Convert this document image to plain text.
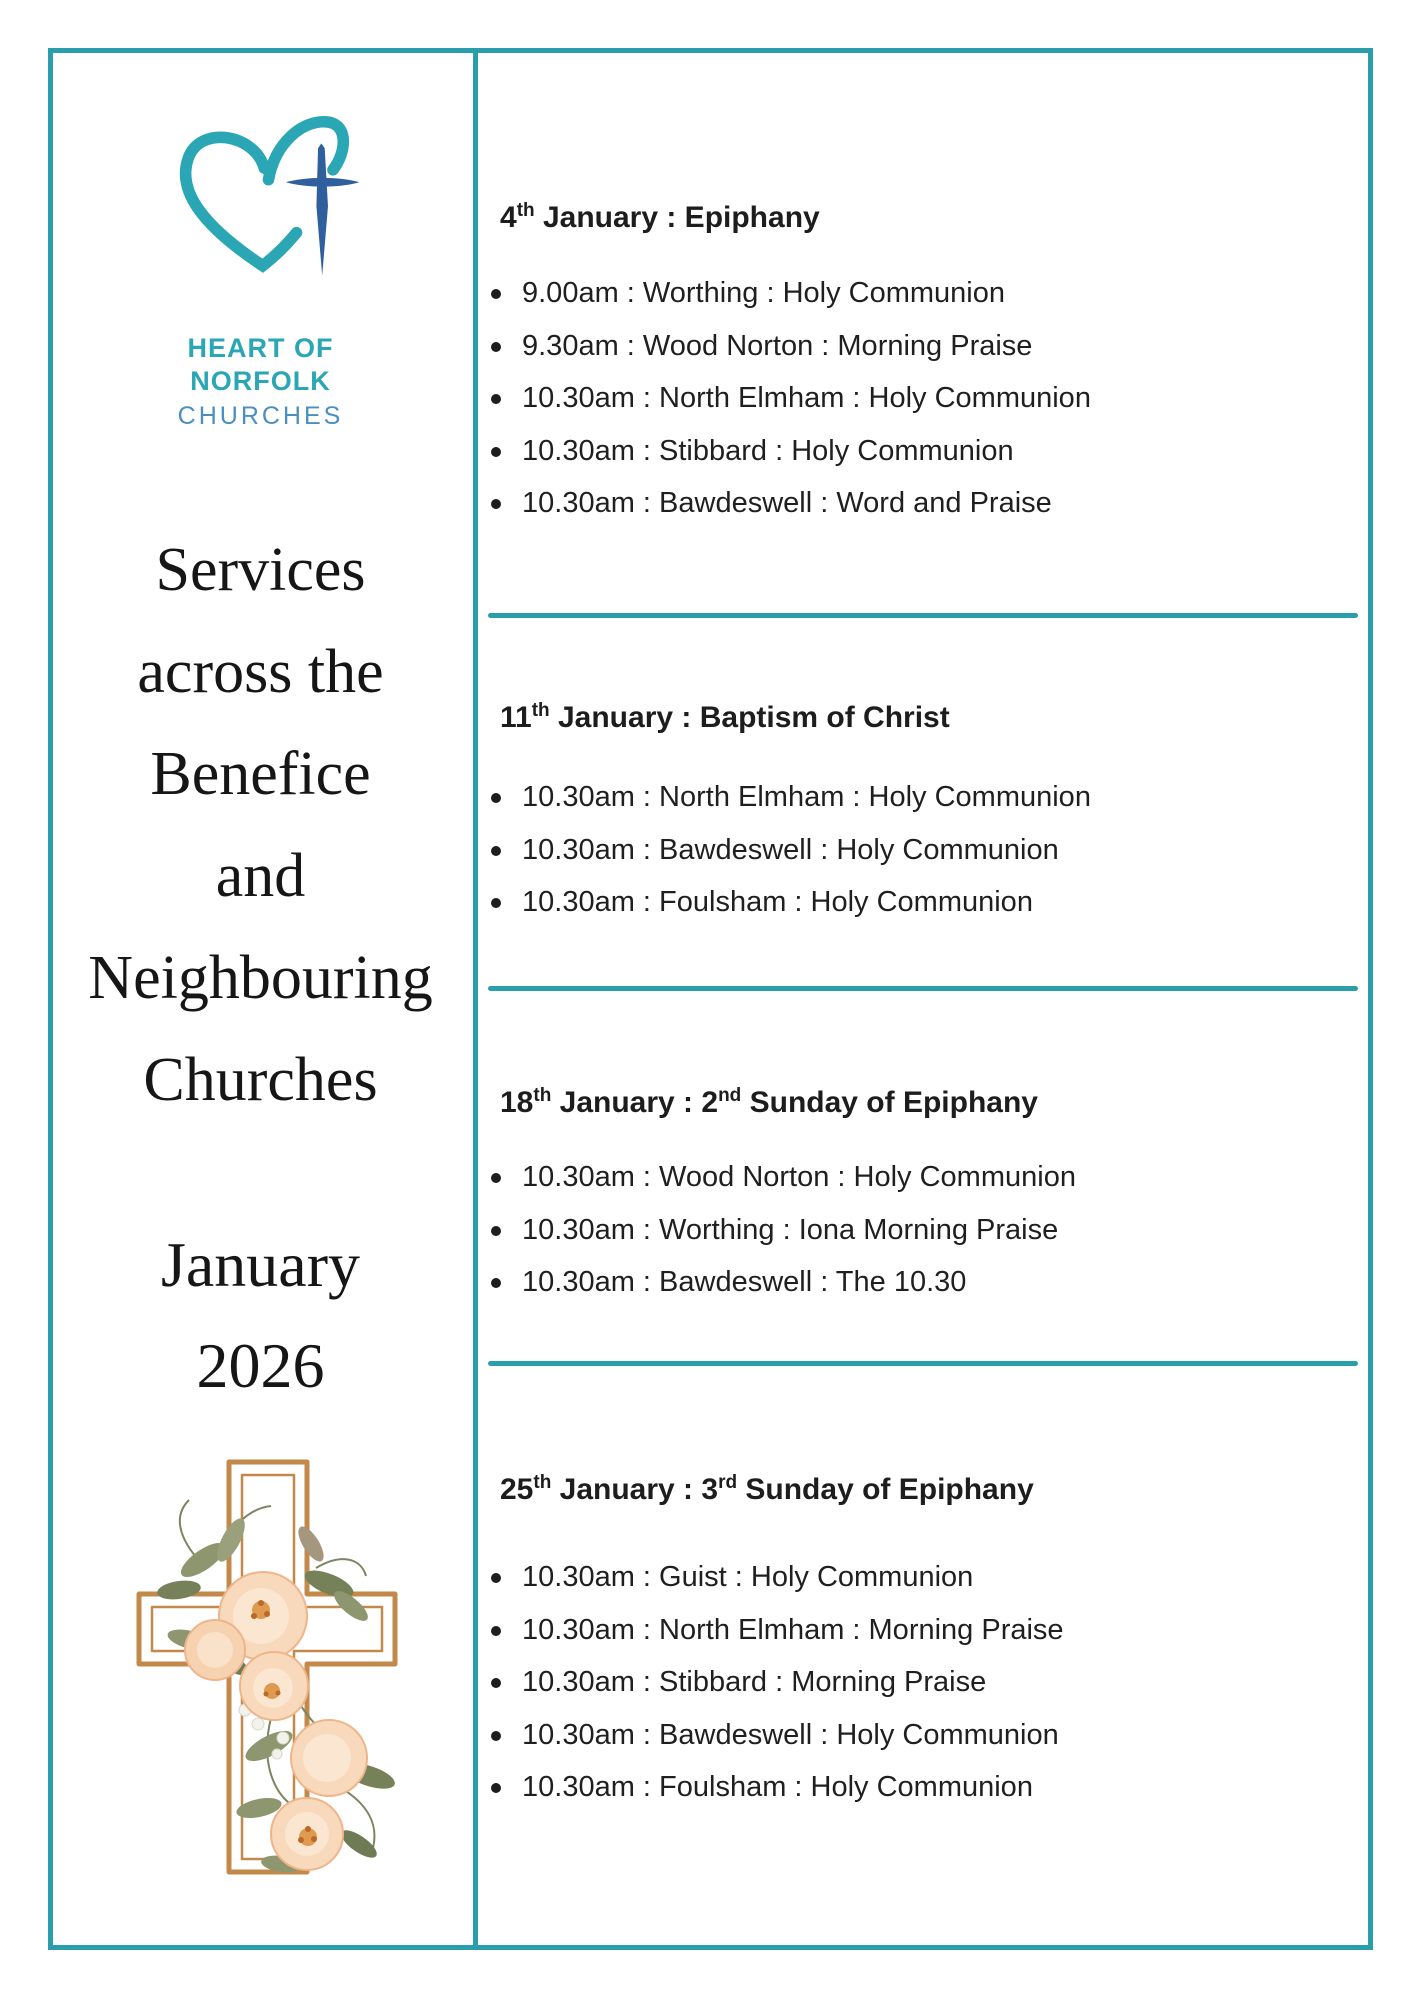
HEART OF
NORFOLK
CHURCHES
Services
across the
Benefice
and
Neighbouring
Churches
January
2026
4th January : Epiphany
9.00am : Worthing : Holy Communion
9.30am : Wood Norton : Morning Praise
10.30am : North Elmham : Holy Communion
10.30am : Stibbard : Holy Communion
10.30am : Bawdeswell : Word and Praise
11th January : Baptism of Christ
10.30am : North Elmham : Holy Communion
10.30am : Bawdeswell : Holy Communion
10.30am : Foulsham : Holy Communion
18th January : 2nd Sunday of Epiphany
10.30am : Wood Norton : Holy Communion
10.30am : Worthing : Iona Morning Praise
10.30am : Bawdeswell : The 10.30
25th January : 3rd Sunday of Epiphany
10.30am : Guist : Holy Communion
10.30am : North Elmham : Morning Praise
10.30am : Stibbard : Morning Praise
10.30am : Bawdeswell : Holy Communion
10.30am : Foulsham : Holy Communion
